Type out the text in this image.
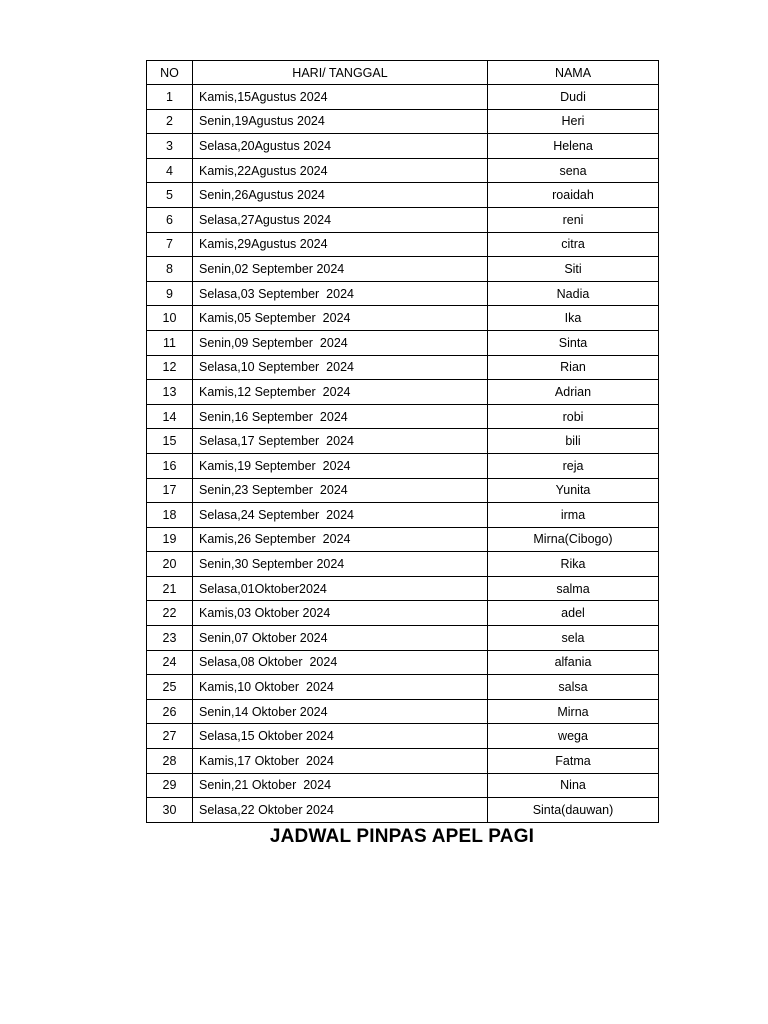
NO	HARI/ TANGGAL	NAMA
1	Kamis,15Agustus 2024	Dudi
2	Senin,19Agustus 2024	Heri
3	Selasa,20Agustus 2024	Helena
4	Kamis,22Agustus 2024	sena
5	Senin,26Agustus 2024	roaidah
6	Selasa,27Agustus 2024	reni
7	Kamis,29Agustus 2024	citra
8	Senin,02 September 2024	Siti
9	Selasa,03 September  2024	Nadia
10	Kamis,05 September  2024	Ika
11	Senin,09 September  2024	Sinta
12	Selasa,10 September  2024	Rian
13	Kamis,12 September  2024	Adrian
14	Senin,16 September  2024	robi
15	Selasa,17 September  2024	bili
16	Kamis,19 September  2024	reja
17	Senin,23 September  2024	Yunita
18	Selasa,24 September  2024	irma
19	Kamis,26 September  2024	Mirna(Cibogo)
20	Senin,30 September 2024	Rika
21	Selasa,01Oktober2024	salma
22	Kamis,03 Oktober 2024	adel
23	Senin,07 Oktober 2024	sela
24	Selasa,08 Oktober  2024	alfania
25	Kamis,10 Oktober  2024	salsa
26	Senin,14 Oktober 2024	Mirna
27	Selasa,15 Oktober 2024	wega
28	Kamis,17 Oktober  2024	Fatma
29	Senin,21 Oktober  2024	Nina
30	Selasa,22 Oktober 2024	Sinta(dauwan)
JADWAL PINPAS APEL PAGI
